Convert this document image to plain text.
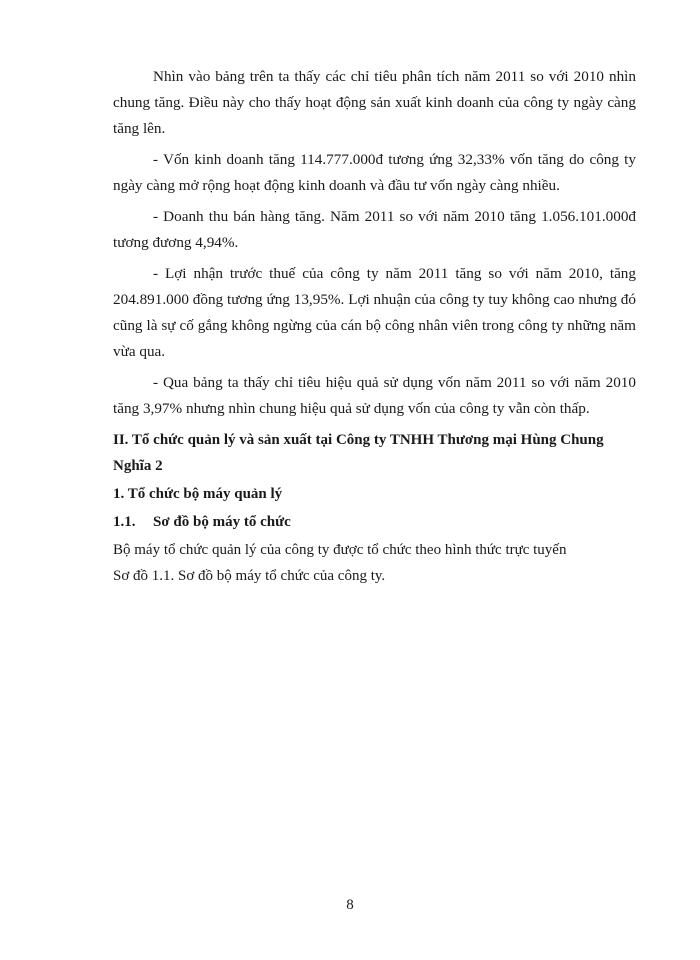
Nhìn vào bảng trên ta thấy các chỉ tiêu phân tích năm 2011 so với 2010 nhìn chung tăng. Điều này cho thấy hoạt động sản xuất kinh doanh của công ty ngày càng tăng lên.

- Vốn kinh doanh tăng 114.777.000đ tương ứng 32,33% vốn tăng do công ty ngày càng mở rộng hoạt động kinh doanh và đầu tư vốn ngày càng nhiều.

- Doanh thu bán hàng tăng. Năm 2011 so với năm 2010 tăng 1.056.101.000đ tương đương 4,94%.

- Lợi nhận trước thuế của công ty năm 2011 tăng so với năm 2010, tăng 204.891.000 đồng tương ứng 13,95%. Lợi nhuận của công ty tuy không cao nhưng đó cũng là sự cố gắng không ngừng của cán bộ công nhân viên trong công ty những năm vừa qua.

- Qua bảng ta thấy chỉ tiêu hiệu quả sử dụng vốn năm 2011 so với năm 2010 tăng 3,97% nhưng nhìn chung hiệu quả sử dụng vốn của công ty vẫn còn thấp.

II. Tổ chức quản lý và sản xuất tại Công ty TNHH Thương mại Hùng Chung Nghĩa 2
1. Tổ chức bộ máy quản lý
1.1. Sơ đồ bộ máy tổ chức
Bộ máy tổ chức quản lý của công ty được tổ chức theo hình thức trực tuyến
Sơ đồ 1.1. Sơ đồ bộ máy tổ chức của công ty.
8
